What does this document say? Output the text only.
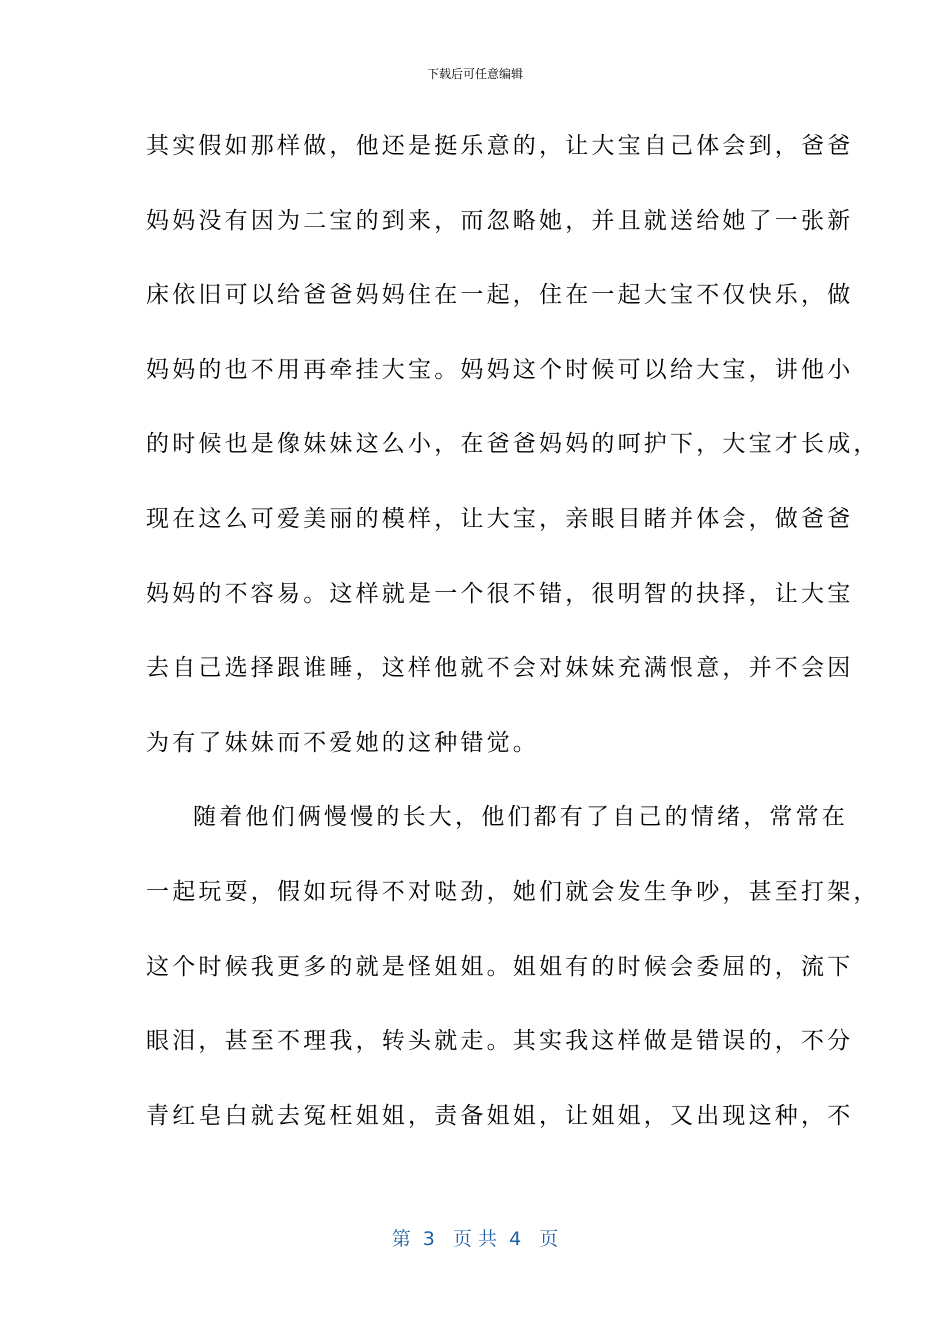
下载后可任意编辑
其实假如那样做，他还是挺乐意的，让大宝自己体会到，爸爸
妈妈没有因为二宝的到来，而忽略她，并且就送给她了一张新
床依旧可以给爸爸妈妈住在一起，住在一起大宝不仅快乐，做
妈妈的也不用再牵挂大宝。妈妈这个时候可以给大宝，讲他小
的时候也是像妹妹这么小，在爸爸妈妈的呵护下，大宝才长成，
现在这么可爱美丽的模样，让大宝，亲眼目睹并体会，做爸爸
妈妈的不容易。这样就是一个很不错，很明智的抉择，让大宝
去自己选择跟谁睡，这样他就不会对妹妹充满恨意，并不会因
为有了妹妹而不爱她的这种错觉。
随着他们俩慢慢的长大，他们都有了自己的情绪，常常在
一起玩耍，假如玩得不对哒劲，她们就会发生争吵，甚至打架，
这个时候我更多的就是怪姐姐。姐姐有的时候会委屈的，流下
眼泪，甚至不理我，转头就走。其实我这样做是错误的，不分
青红皂白就去冤枉姐姐，责备姐姐，让姐姐，又出现这种，不
第  3   页 共  4   页
